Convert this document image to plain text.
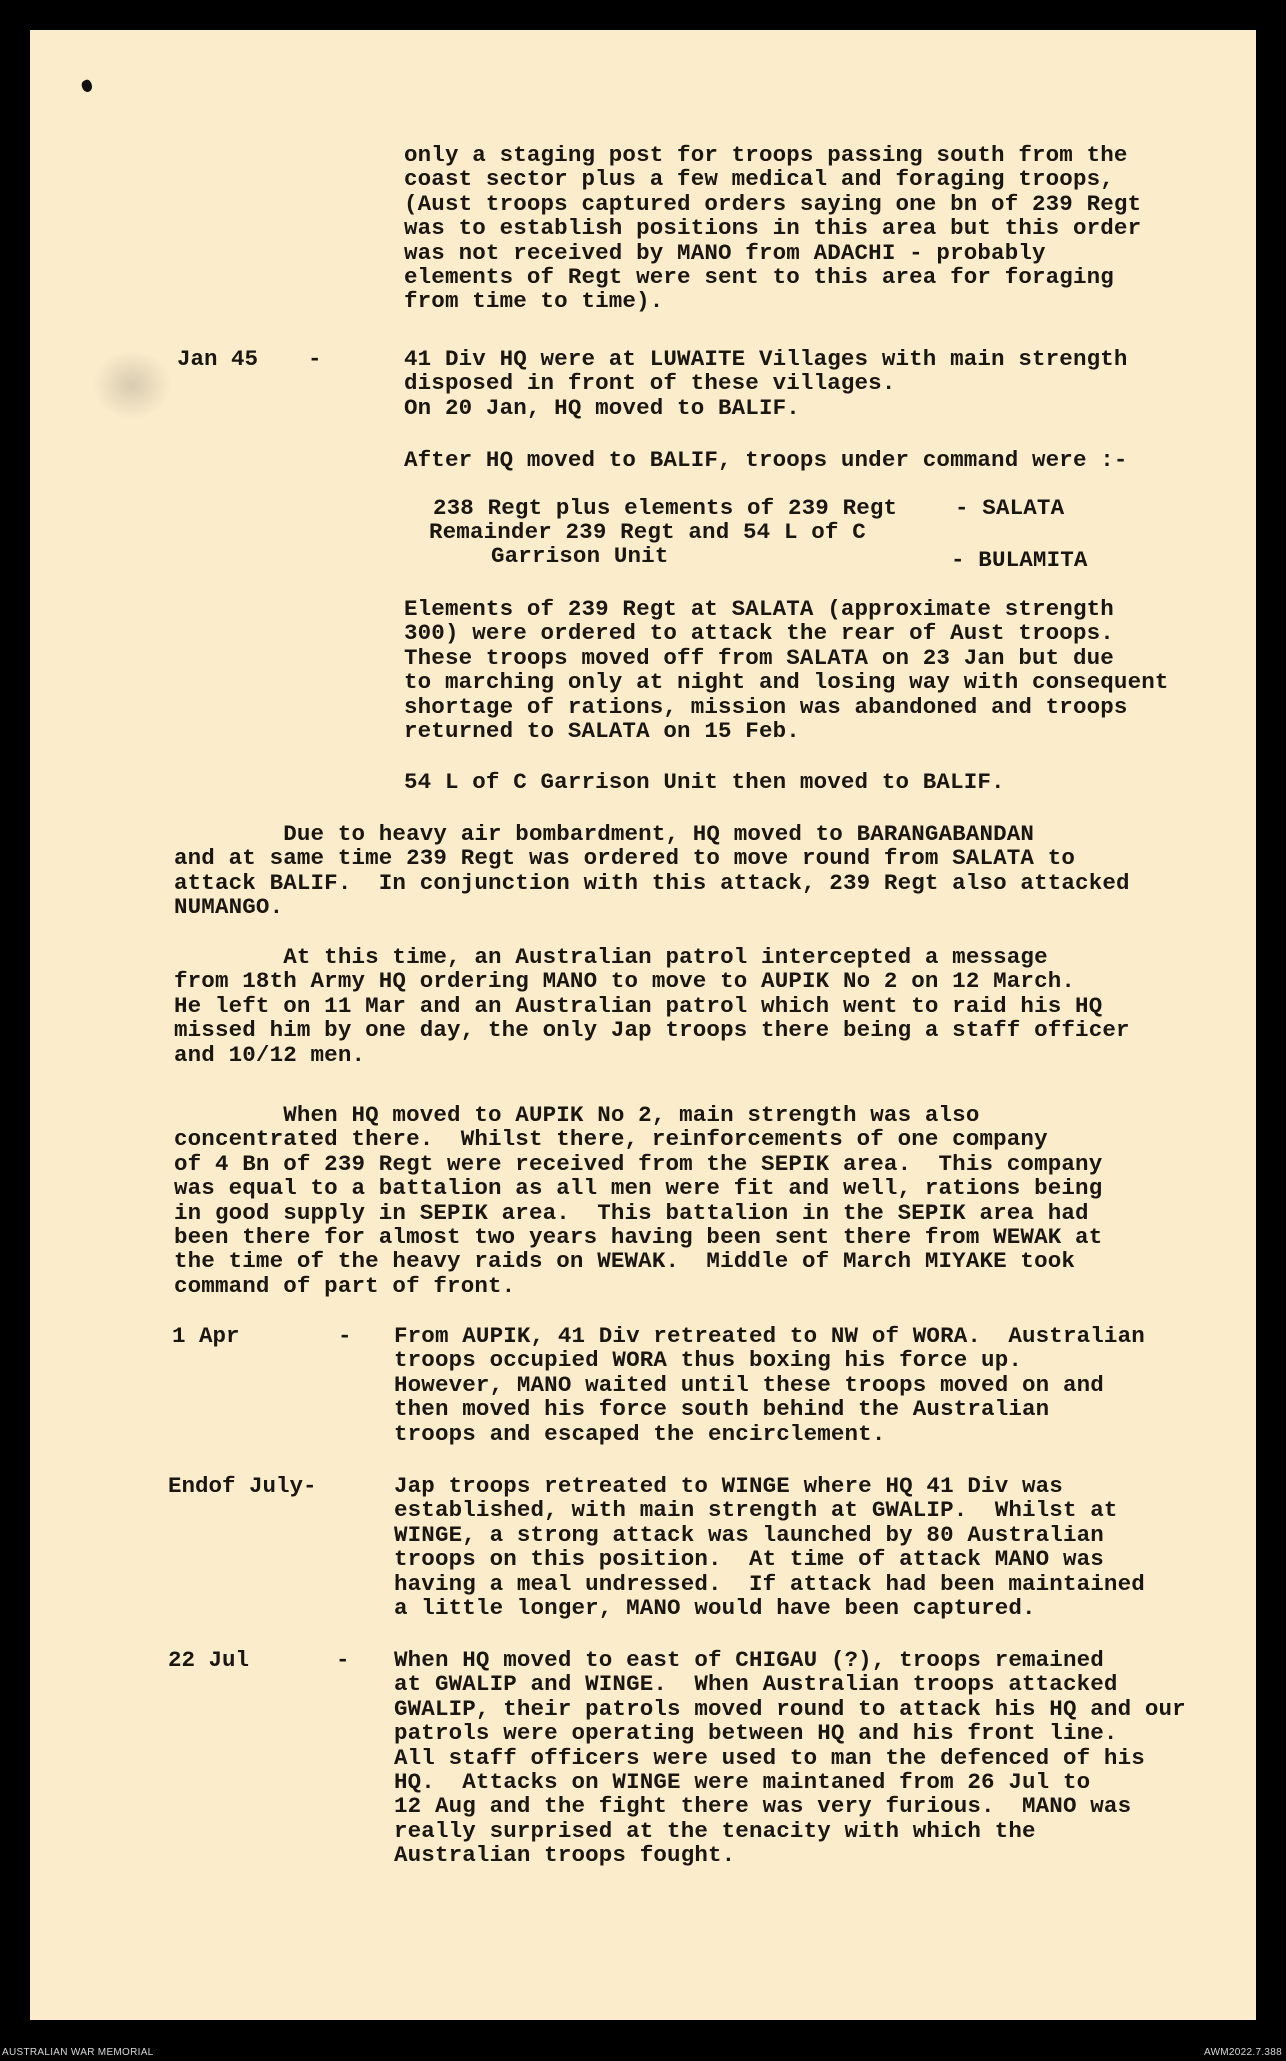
only a staging post for troops passing south from the
coast sector plus a few medical and foraging troops,
(Aust troops captured orders saying one bn of 239 Regt
was to establish positions in this area but this order
was not received by MANO from ADACHI - probably
elements of Regt were sent to this area for foraging
from time to time).

Jan 45 -	41 Div HQ were at LUWAITE Villages with main strength
disposed in front of these villages.
On 20 Jan, HQ moved to BALIF.

After HQ moved to BALIF, troops under command were :-

238 Regt plus elements of 239 Regt	- SALATA

Remainder 239 Regt and 54 L of C

Garrison Unit	- BULAMITA

Elements of 239 Regt at SALATA (approximate strength
300) were ordered to attack the rear of Aust troops.
These troops moved off from SALATA on 23 Jan but due
to marching only at night and losing way with consequent
shortage of rations, mission was abandoned and troops
returned to SALATA on 15 Feb.

54 L of C Garrison Unit then moved to BALIF.

Due to heavy air bombardment, HQ moved to BARANGABANDAN
and at same time 239 Regt was ordered to move round from SALATA to
attack BALIF.  In conjunction with this attack, 239 Regt also attacked
NUMANGO.

At this time, an Australian patrol intercepted a message
from 18th Army HQ ordering MANO to move to AUPIK No 2 on 12 March.
He left on 11 Mar and an Australian patrol which went to raid his HQ
missed him by one day, the only Jap troops there being a staff officer
and 10/12 men.

When HQ moved to AUPIK No 2, main strength was also
concentrated there.  Whilst there, reinforcements of one company
of 4 Bn of 239 Regt were received from the SEPIK area.  This company
was equal to a battalion as all men were fit and well, rations being
in good supply in SEPIK area.  This battalion in the SEPIK area had
been there for almost two years having been sent there from WEWAK at
the time of the heavy raids on WEWAK.  Middle of March MIYAKE took
command of part of front.

1 Apr	- From AUPIK, 41 Div retreated to NW of WORA.  Australian
troops occupied WORA thus boxing his force up.
However, MANO waited until these troops moved on and
then moved his force south behind the Australian
troops and escaped the encirclement.

Endof July-	Jap troops retreated to WINGE where HQ 41 Div was
established, with main strength at GWALIP.  Whilst at
WINGE, a strong attack was launched by 80 Australian
troops on this position.  At time of attack MANO was
having a meal undressed.  If attack had been maintained
a little longer, MANO would have been captured.

22 Jul	- When HQ moved to east of CHIGAU (?), troops remained
at GWALIP and WINGE.  When Australian troops attacked
GWALIP, their patrols moved round to attack his HQ and our
patrols were operating between HQ and his front line.
All staff officers were used to man the defenced of his
HQ.  Attacks on WINGE were maintaned from 26 Jul to
12 Aug and the fight there was very furious.  MANO was
really surprised at the tenacity with which the
Australian troops fought.

AUSTRALIAN WAR MEMORIAL	AWM2022.7.388
